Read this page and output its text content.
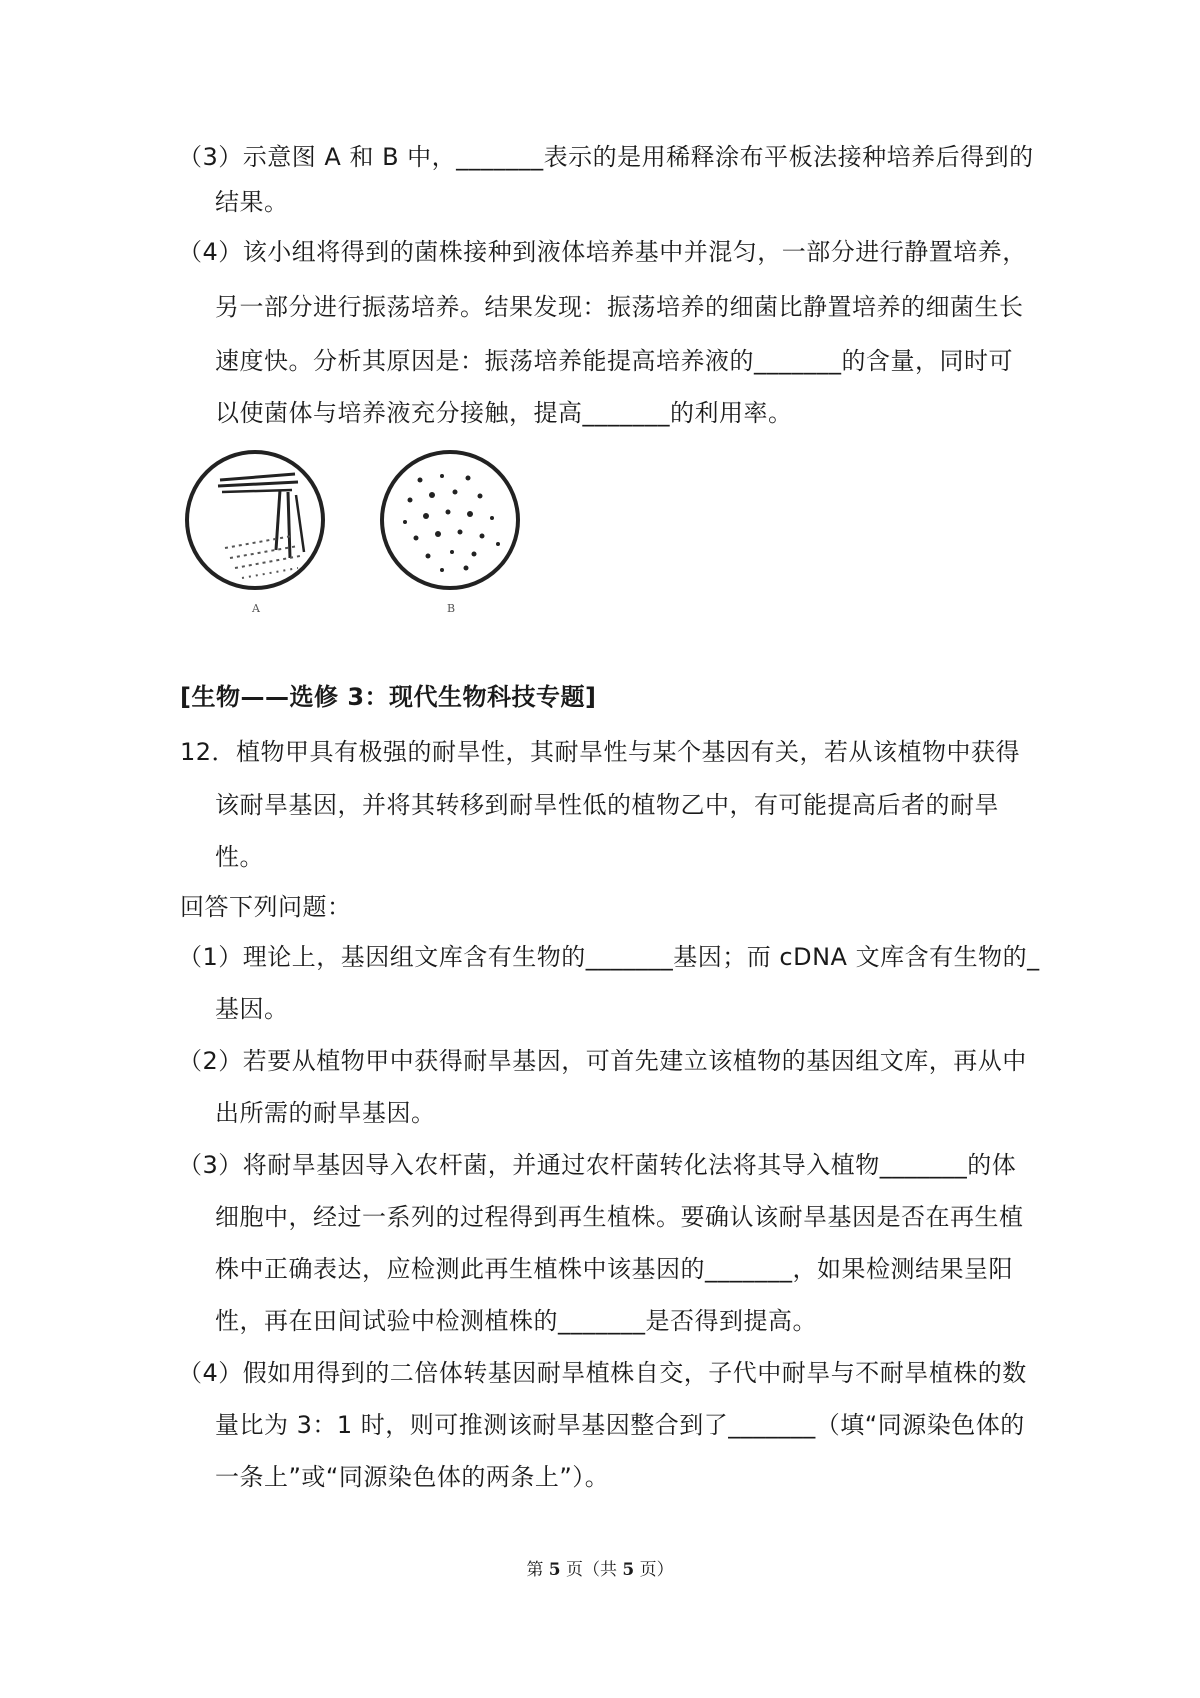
（3）示意图 A 和 B 中，_______表示的是用稀释涂布平板法接种培养后得到的
结果。
（4）该小组将得到的菌株接种到液体培养基中并混匀，一部分进行静置培养，
另一部分进行振荡培养。结果发现：振荡培养的细菌比静置培养的细菌生长
速度快。分析其原因是：振荡培养能提高培养液的_______的含量，同时可
以使菌体与培养液充分接触，提高_______的利用率。
A	B
[生物——选修 3：现代生物科技专题]
12．植物甲具有极强的耐旱性，其耐旱性与某个基因有关，若从该植物中获得
该耐旱基因，并将其转移到耐旱性低的植物乙中，有可能提高后者的耐旱
性。
回答下列问题：
（1）理论上，基因组文库含有生物的_______基因；而 cDNA 文库含有生物的_
基因。
（2）若要从植物甲中获得耐旱基因，可首先建立该植物的基因组文库，再从中
出所需的耐旱基因。
（3）将耐旱基因导入农杆菌，并通过农杆菌转化法将其导入植物_______的体
细胞中，经过一系列的过程得到再生植株。要确认该耐旱基因是否在再生植
株中正确表达，应检测此再生植株中该基因的_______，如果检测结果呈阳
性，再在田间试验中检测植株的_______是否得到提高。
（4）假如用得到的二倍体转基因耐旱植株自交，子代中耐旱与不耐旱植株的数
量比为 3：1 时，则可推测该耐旱基因整合到了_______（填“同源染色体的
一条上”或“同源染色体的两条上”）。
第 5 页（共 5 页）
